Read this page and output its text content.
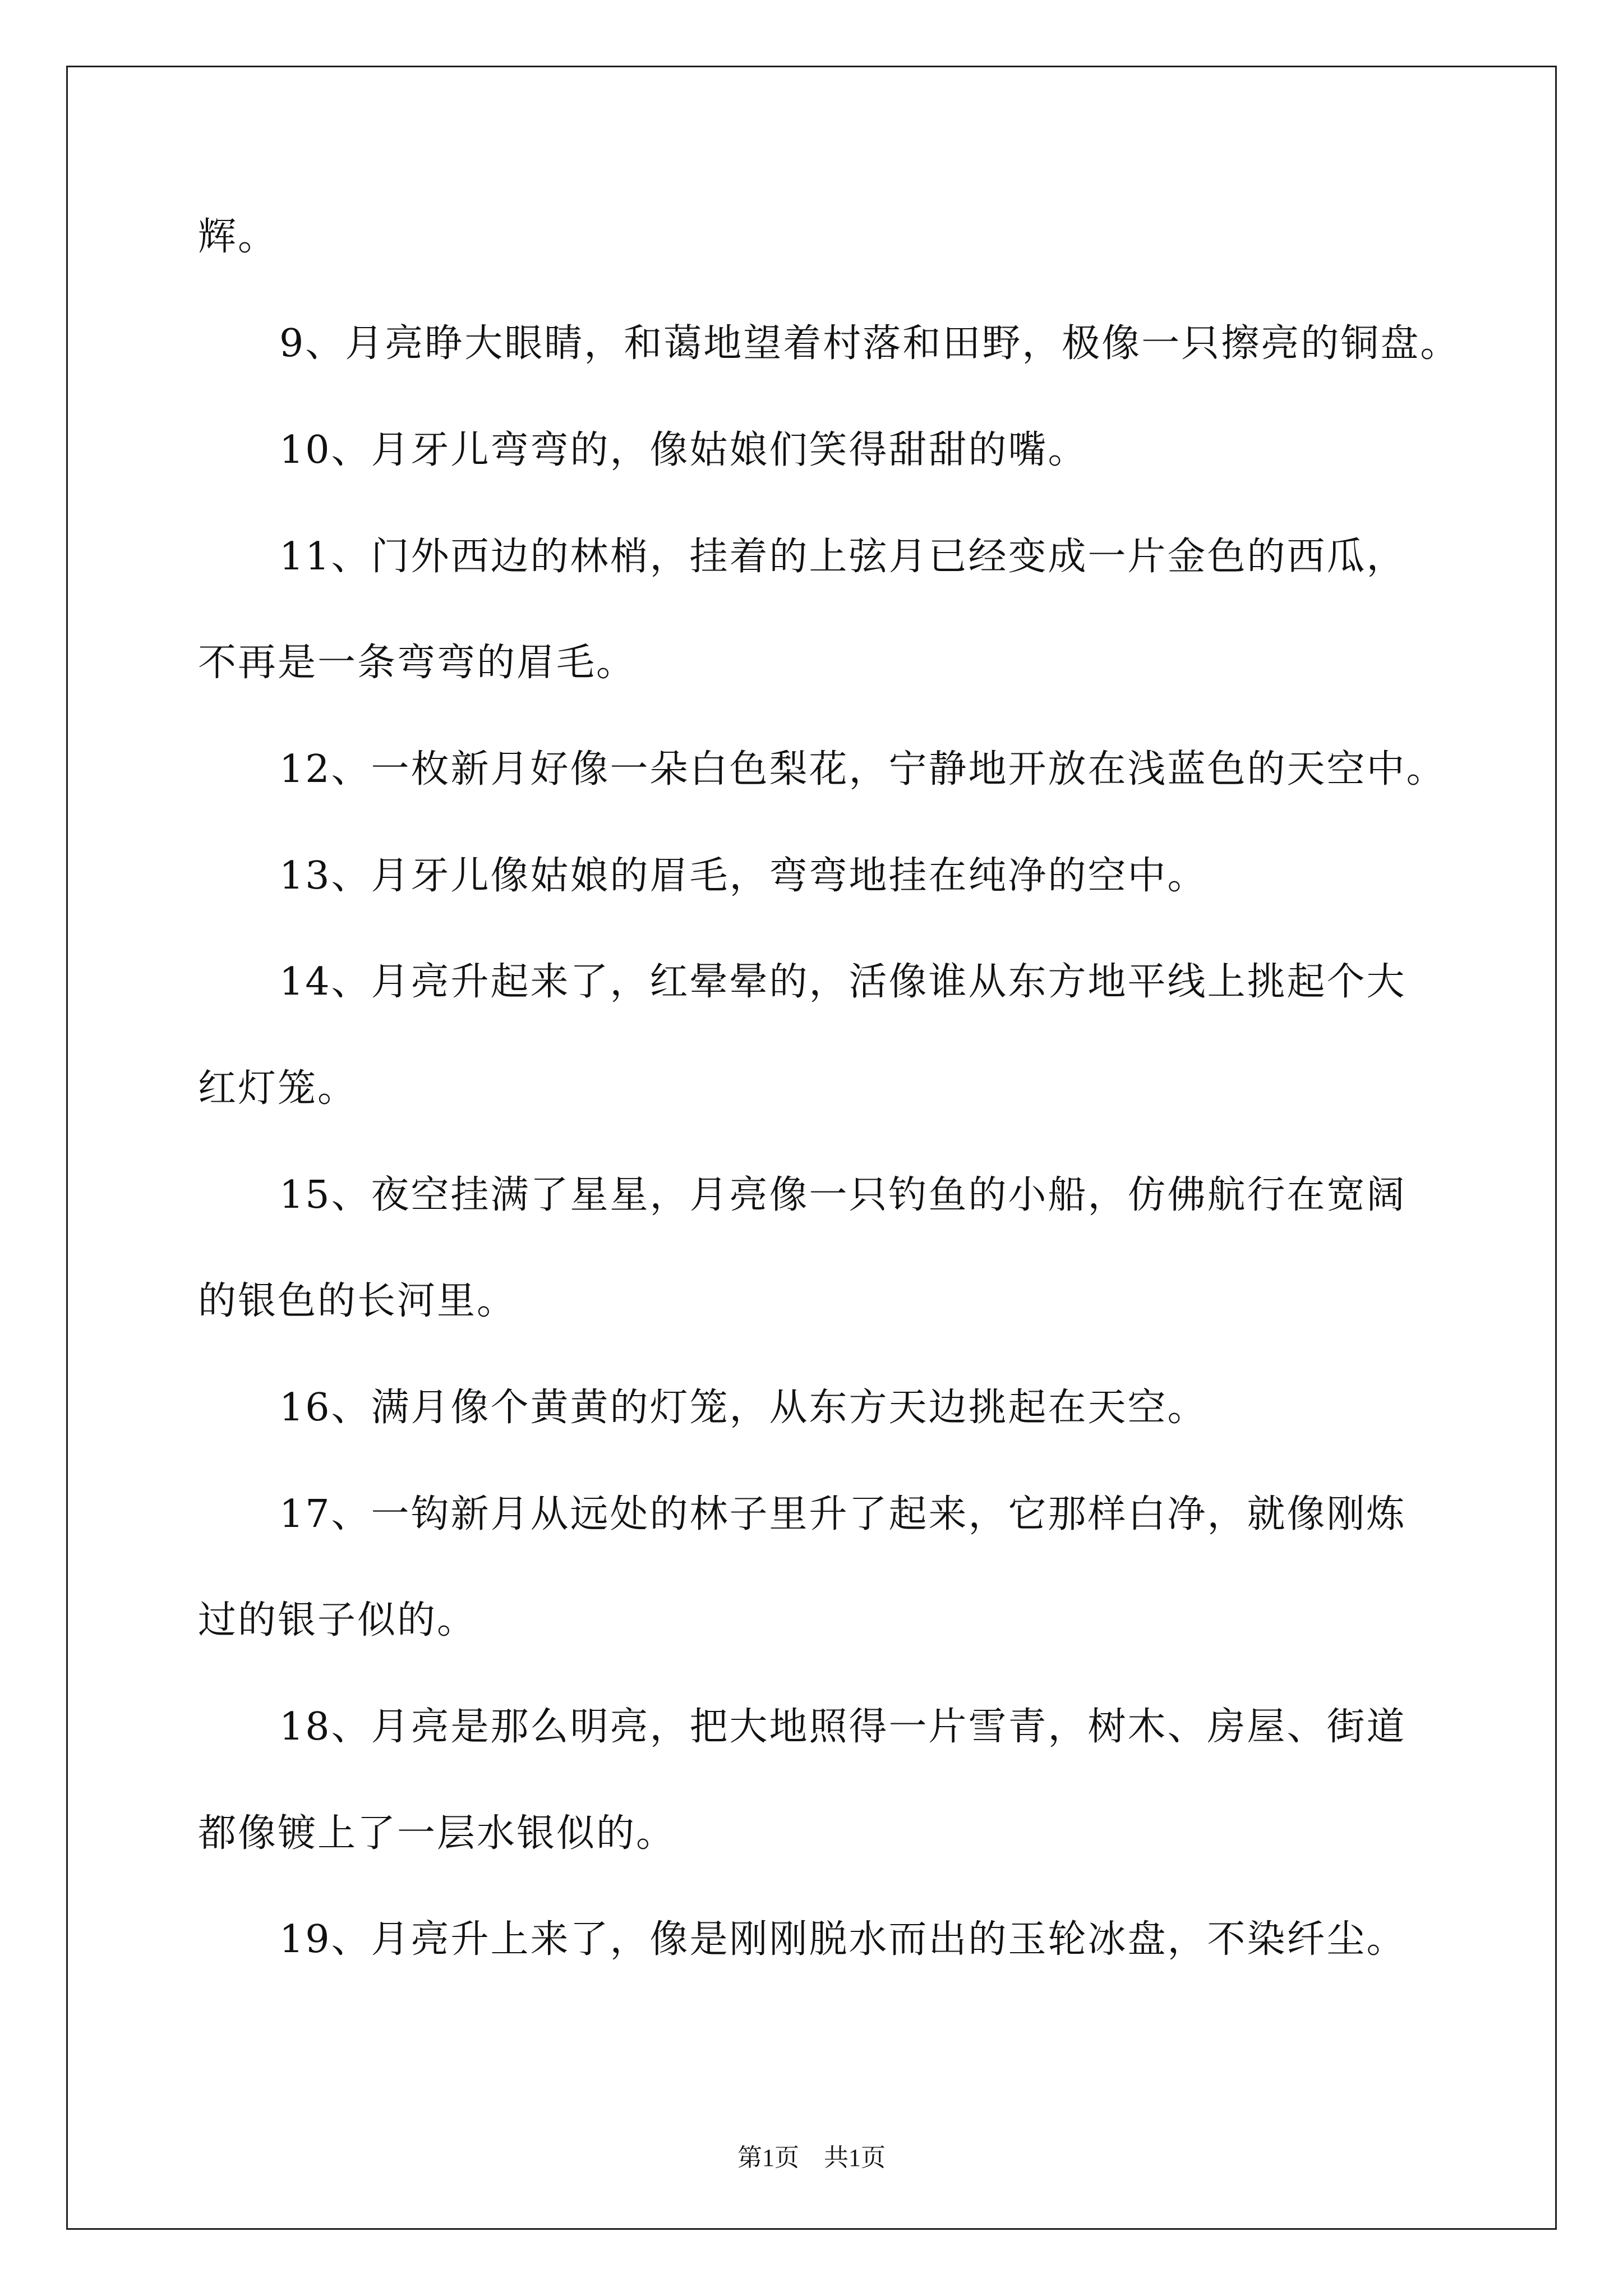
辉。
9、月亮睁大眼睛，和蔼地望着村落和田野，极像一只擦亮的铜盘。
10、月牙儿弯弯的，像姑娘们笑得甜甜的嘴。
11、门外西边的林梢，挂着的上弦月已经变成一片金色的西瓜，
不再是一条弯弯的眉毛。
12、一枚新月好像一朵白色梨花，宁静地开放在浅蓝色的天空中。
13、月牙儿像姑娘的眉毛，弯弯地挂在纯净的空中。
14、月亮升起来了，红晕晕的，活像谁从东方地平线上挑起个大
红灯笼。
15、夜空挂满了星星，月亮像一只钓鱼的小船，仿佛航行在宽阔
的银色的长河里。
16、满月像个黄黄的灯笼，从东方天边挑起在天空。
17、一钩新月从远处的林子里升了起来，它那样白净，就像刚炼
过的银子似的。
18、月亮是那么明亮，把大地照得一片雪青，树木、房屋、街道
都像镀上了一层水银似的。
19、月亮升上来了，像是刚刚脱水而出的玉轮冰盘，不染纤尘。
第1页　共1页
